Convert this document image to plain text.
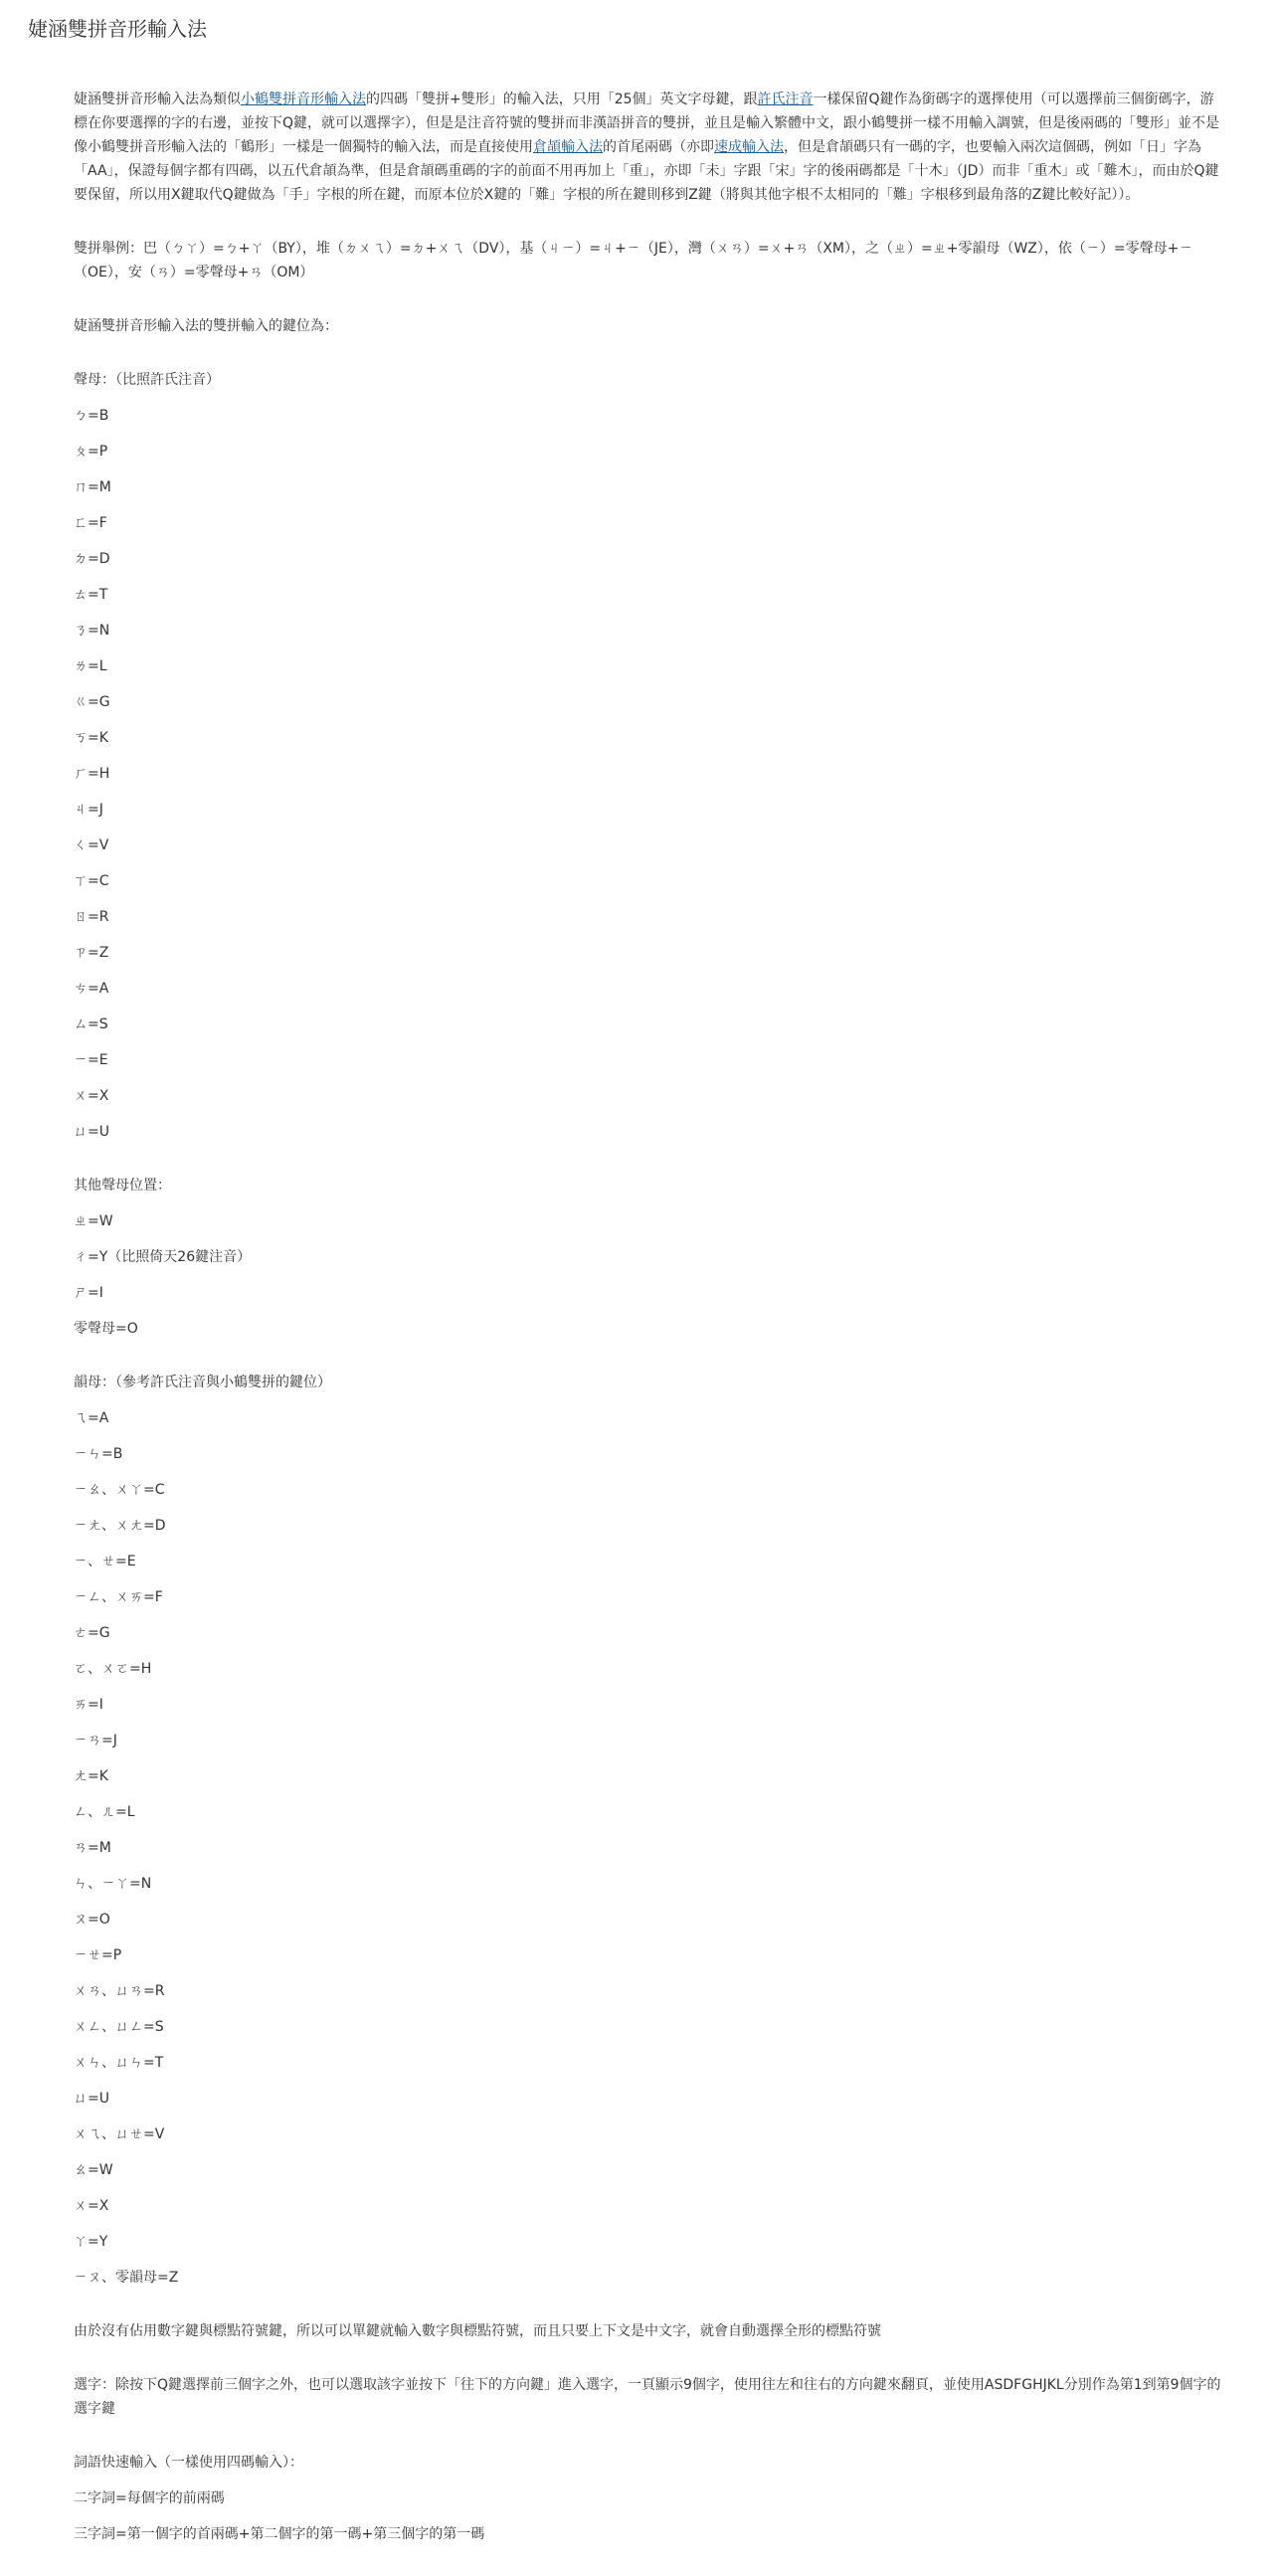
婕涵雙拼音形輸入法

婕涵雙拼音形輸入法為類似小鶴雙拼音形輸入法的四碼「雙拼+雙形」的輸入法，只用「25個」英文字母鍵，跟許氏注音一樣保留Q鍵作為銜碼字的選擇使用（可以選擇前三個銜碼字，游標在你要選擇的字的右邊，並按下Q鍵，就可以選擇字），但是是注音符號的雙拼而非漢語拼音的雙拼，並且是輸入繁體中文，跟小鶴雙拼一樣不用輸入調號，但是後兩碼的「雙形」並不是像小鶴雙拼音形輸入法的「鶴形」一樣是一個獨特的輸入法，而是直接使用倉頡輸入法的首尾兩碼（亦即速成輸入法，但是倉頡碼只有一碼的字，也要輸入兩次這個碼，例如「日」字為「AA」，保證每個字都有四碼，以五代倉頡為準，但是倉頡碼重碼的字的前面不用再加上「重」，亦即「未」字跟「宋」字的後兩碼都是「十木」（JD）而非「重木」或「難木」，而由於Q鍵要保留，所以用X鍵取代Q鍵做為「手」字根的所在鍵，而原本位於X鍵的「難」字根的所在鍵則移到Z鍵（將與其他字根不太相同的「難」字根移到最角落的Z鍵比較好記））。

雙拼舉例：巴（ㄅㄚ）=ㄅ+ㄚ（BY），堆（ㄉㄨㄟ）=ㄉ+ㄨㄟ（DV），基（ㄐㄧ）=ㄐ+ㄧ（JE），灣（ㄨㄢ）=ㄨ+ㄢ（XM），之（ㄓ）=ㄓ+零韻母（WZ），依（ㄧ）=零聲母+ㄧ（OE），安（ㄢ）=零聲母+ㄢ（OM）

婕涵雙拼音形輸入法的雙拼輸入的鍵位為：

聲母：（比照許氏注音）

ㄅ=B

ㄆ=P

ㄇ=M

ㄈ=F

ㄉ=D

ㄊ=T

ㄋ=N

ㄌ=L

ㄍ=G

ㄎ=K

ㄏ=H

ㄐ=J

ㄑ=V

ㄒ=C

ㄖ=R

ㄗ=Z

ㄘ=A

ㄙ=S

ㄧ=E

ㄨ=X

ㄩ=U

其他聲母位置：

ㄓ=W

ㄔ=Y（比照倚天26鍵注音）

ㄕ=I

零聲母=O

韻母：（參考許氏注音與小鶴雙拼的鍵位）

ㄟ=A

ㄧㄣ=B

ㄧㄠ、ㄨㄚ=C

ㄧㄤ、ㄨㄤ=D

ㄧ、ㄝ=E

ㄧㄥ、ㄨㄞ=F

ㄜ=G

ㄛ、ㄨㄛ=H

ㄞ=I

ㄧㄢ=J

ㄤ=K

ㄥ、ㄦ=L

ㄢ=M

ㄣ、ㄧㄚ=N

ㄡ=O

ㄧㄝ=P

ㄨㄢ、ㄩㄢ=R

ㄨㄥ、ㄩㄥ=S

ㄨㄣ、ㄩㄣ=T

ㄩ=U

ㄨㄟ、ㄩㄝ=V

ㄠ=W

ㄨ=X

ㄚ=Y

ㄧㄡ、零韻母=Z

由於沒有佔用數字鍵與標點符號鍵，所以可以單鍵就輸入數字與標點符號，而且只要上下文是中文字，就會自動選擇全形的標點符號

選字：除按下Q鍵選擇前三個字之外，也可以選取該字並按下「往下的方向鍵」進入選字，一頁顯示9個字，使用往左和往右的方向鍵來翻頁，並使用ASDFGHJKL分別作為第1到第9個字的選字鍵

詞語快速輸入（一樣使用四碼輸入）：

二字詞=每個字的前兩碼

三字詞=第一個字的首兩碼+第二個字的第一碼+第三個字的第一碼
